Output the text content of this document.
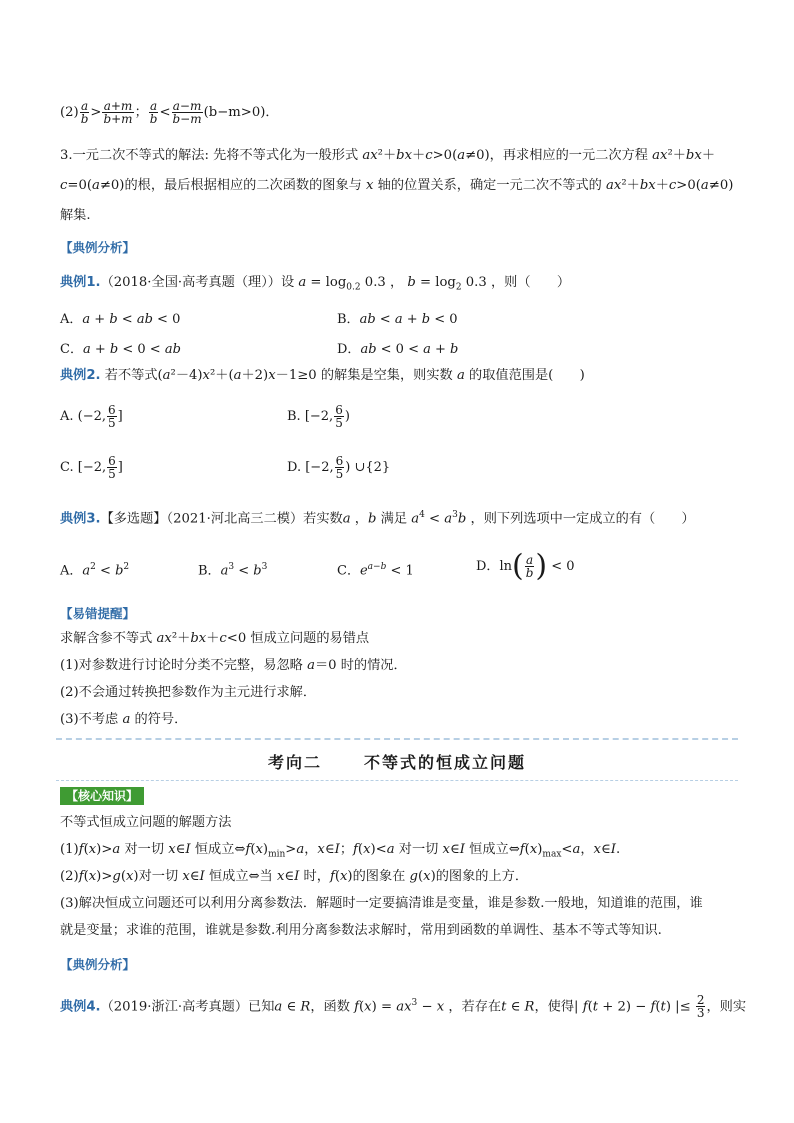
$(2) \frac{a}{b} > \frac{a+m}{b+m}$ ； $\frac{a}{b} < \frac{a-m}{b-m} (b-m>0)$．
3.一元二次不等式的解法: 先将不等式化为一般形式 ax²＋bx＋c>0(a≠0)，再求相应的一元二次方程 ax²＋bx＋
c=0(a≠0)的根，最后根据相应的二次函数的图象与 x 轴的位置关系，确定一元二次不等式的 ax²＋bx＋c>0(a≠0)
解集.
【典例分析】
典例1.（2018·全国·高考真题（理））设 $a = \log_{0.2} 0.3$ ， $b = \log_2 0.3$ ，则（　　）
A．a + b < ab < 0	B．ab < a + b < 0
C．a + b < 0 < ab	D．ab < 0 < a + b
典例2. 若不等式(a²－4)x²＋(a＋2)x－1≥0 的解集是空集，则实数 a 的取值范围是(　　)
A. (−2, $\frac{6}{5}$ ]	B. [−2, $\frac{6}{5}$ )
C. [−2, $\frac{6}{5}$ ]	D. [−2, $\frac{6}{5}$ ) ∪{2}
典例3.【多选题】（2021·河北高三二模）若实数a ，b 满足 $a^4 < a^3b$ ，则下列选项中一定成立的有（　　）
A．$a^2 < b^2$	B．$a^3 < b^3$	C．$e^{a-b} < 1$	D．$\ln( \frac{a}{b}$ ) < 0
【易错提醒】
求解含参不等式 ax²＋bx＋c<0 恒成立问题的易错点
(1)对参数进行讨论时分类不完整，易忽略 a＝0 时的情况．
(2)不会通过转换把参数作为主元进行求解．
(3)不考虑 a 的符号．
考向二	不等式的恒成立问题
【核心知识】
不等式恒成立问题的解题方法
(1)f(x)>a 对一切 x∈I 恒成立$\Leftrightarrow f(x)_{min}>a$，x∈I；f(x)<a 对一切 x∈I 恒成立$\Leftrightarrow f(x)_{max}<a$，x∈I.
(2)f(x)>g(x)对一切 x∈I 恒成立⇔当 x∈I 时，f(x)的图象在 g(x)的图象的上方．
(3)解决恒成立问题还可以利用分离参数法．解题时一定要搞清谁是变量，谁是参数.一般地，知道谁的范围，谁
就是变量；求谁的范围，谁就是参数.利用分离参数法求解时，常用到函数的单调性、基本不等式等知识.
【典例分析】
典例4.（2019·浙江·高考真题）已知a ∈ R，函数 $f(x) = ax^3 - x$ ，若存在t ∈ R，使得| f(t + 2) − f(t) |≤ $\frac{2}{3}$ ，则实
